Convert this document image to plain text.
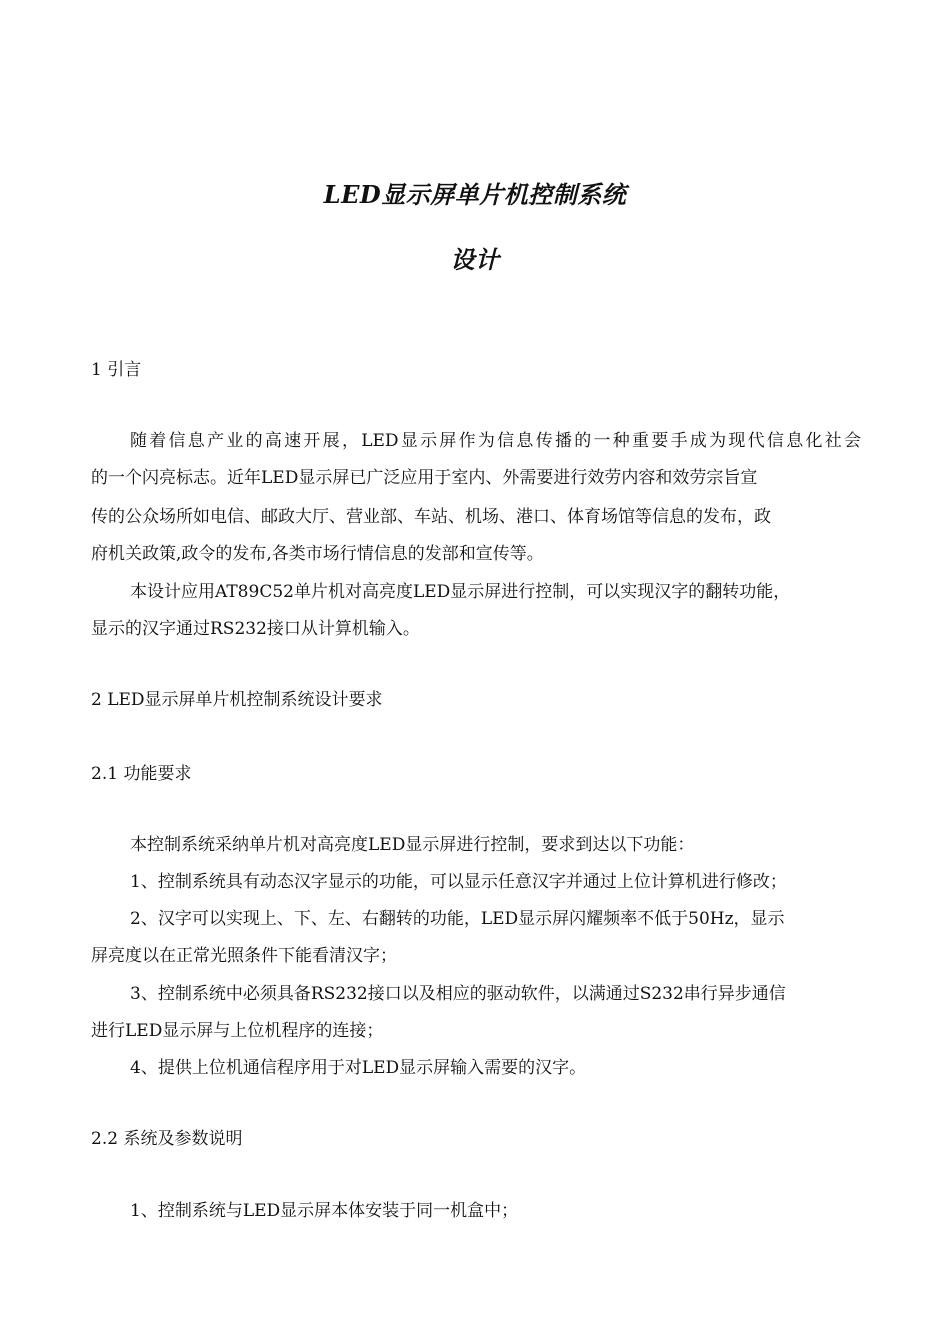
LED显示屏单片机控制系统
设计
1 引言
随着信息产业的高速开展，LED显示屏作为信息传播的一种重要手成为现代信息化社会
的一个闪亮标志。近年LED显示屏已广泛应用于室内、外需要进行效劳内容和效劳宗旨宣
传的公众场所如电信、邮政大厅、营业部、车站、机场、港口、体育场馆等信息的发布，政
府机关政策,政令的发布,各类市场行情信息的发部和宣传等。
本设计应用AT89C52单片机对高亮度LED显示屏进行控制，可以实现汉字的翻转功能，
显示的汉字通过RS232接口从计算机输入。
2 LED显示屏单片机控制系统设计要求
2.1 功能要求
本控制系统采纳单片机对高亮度LED显示屏进行控制，要求到达以下功能：
1、控制系统具有动态汉字显示的功能，可以显示任意汉字并通过上位计算机进行修改；
2、汉字可以实现上、下、左、右翻转的功能，LED显示屏闪耀频率不低于50Hz，显示
屏亮度以在正常光照条件下能看清汉字；
3、控制系统中必须具备RS232接口以及相应的驱动软件，以满通过S232串行异步通信
进行LED显示屏与上位机程序的连接；
4、提供上位机通信程序用于对LED显示屏输入需要的汉字。
2.2 系统及参数说明
1、控制系统与LED显示屏本体安装于同一机盒中；
